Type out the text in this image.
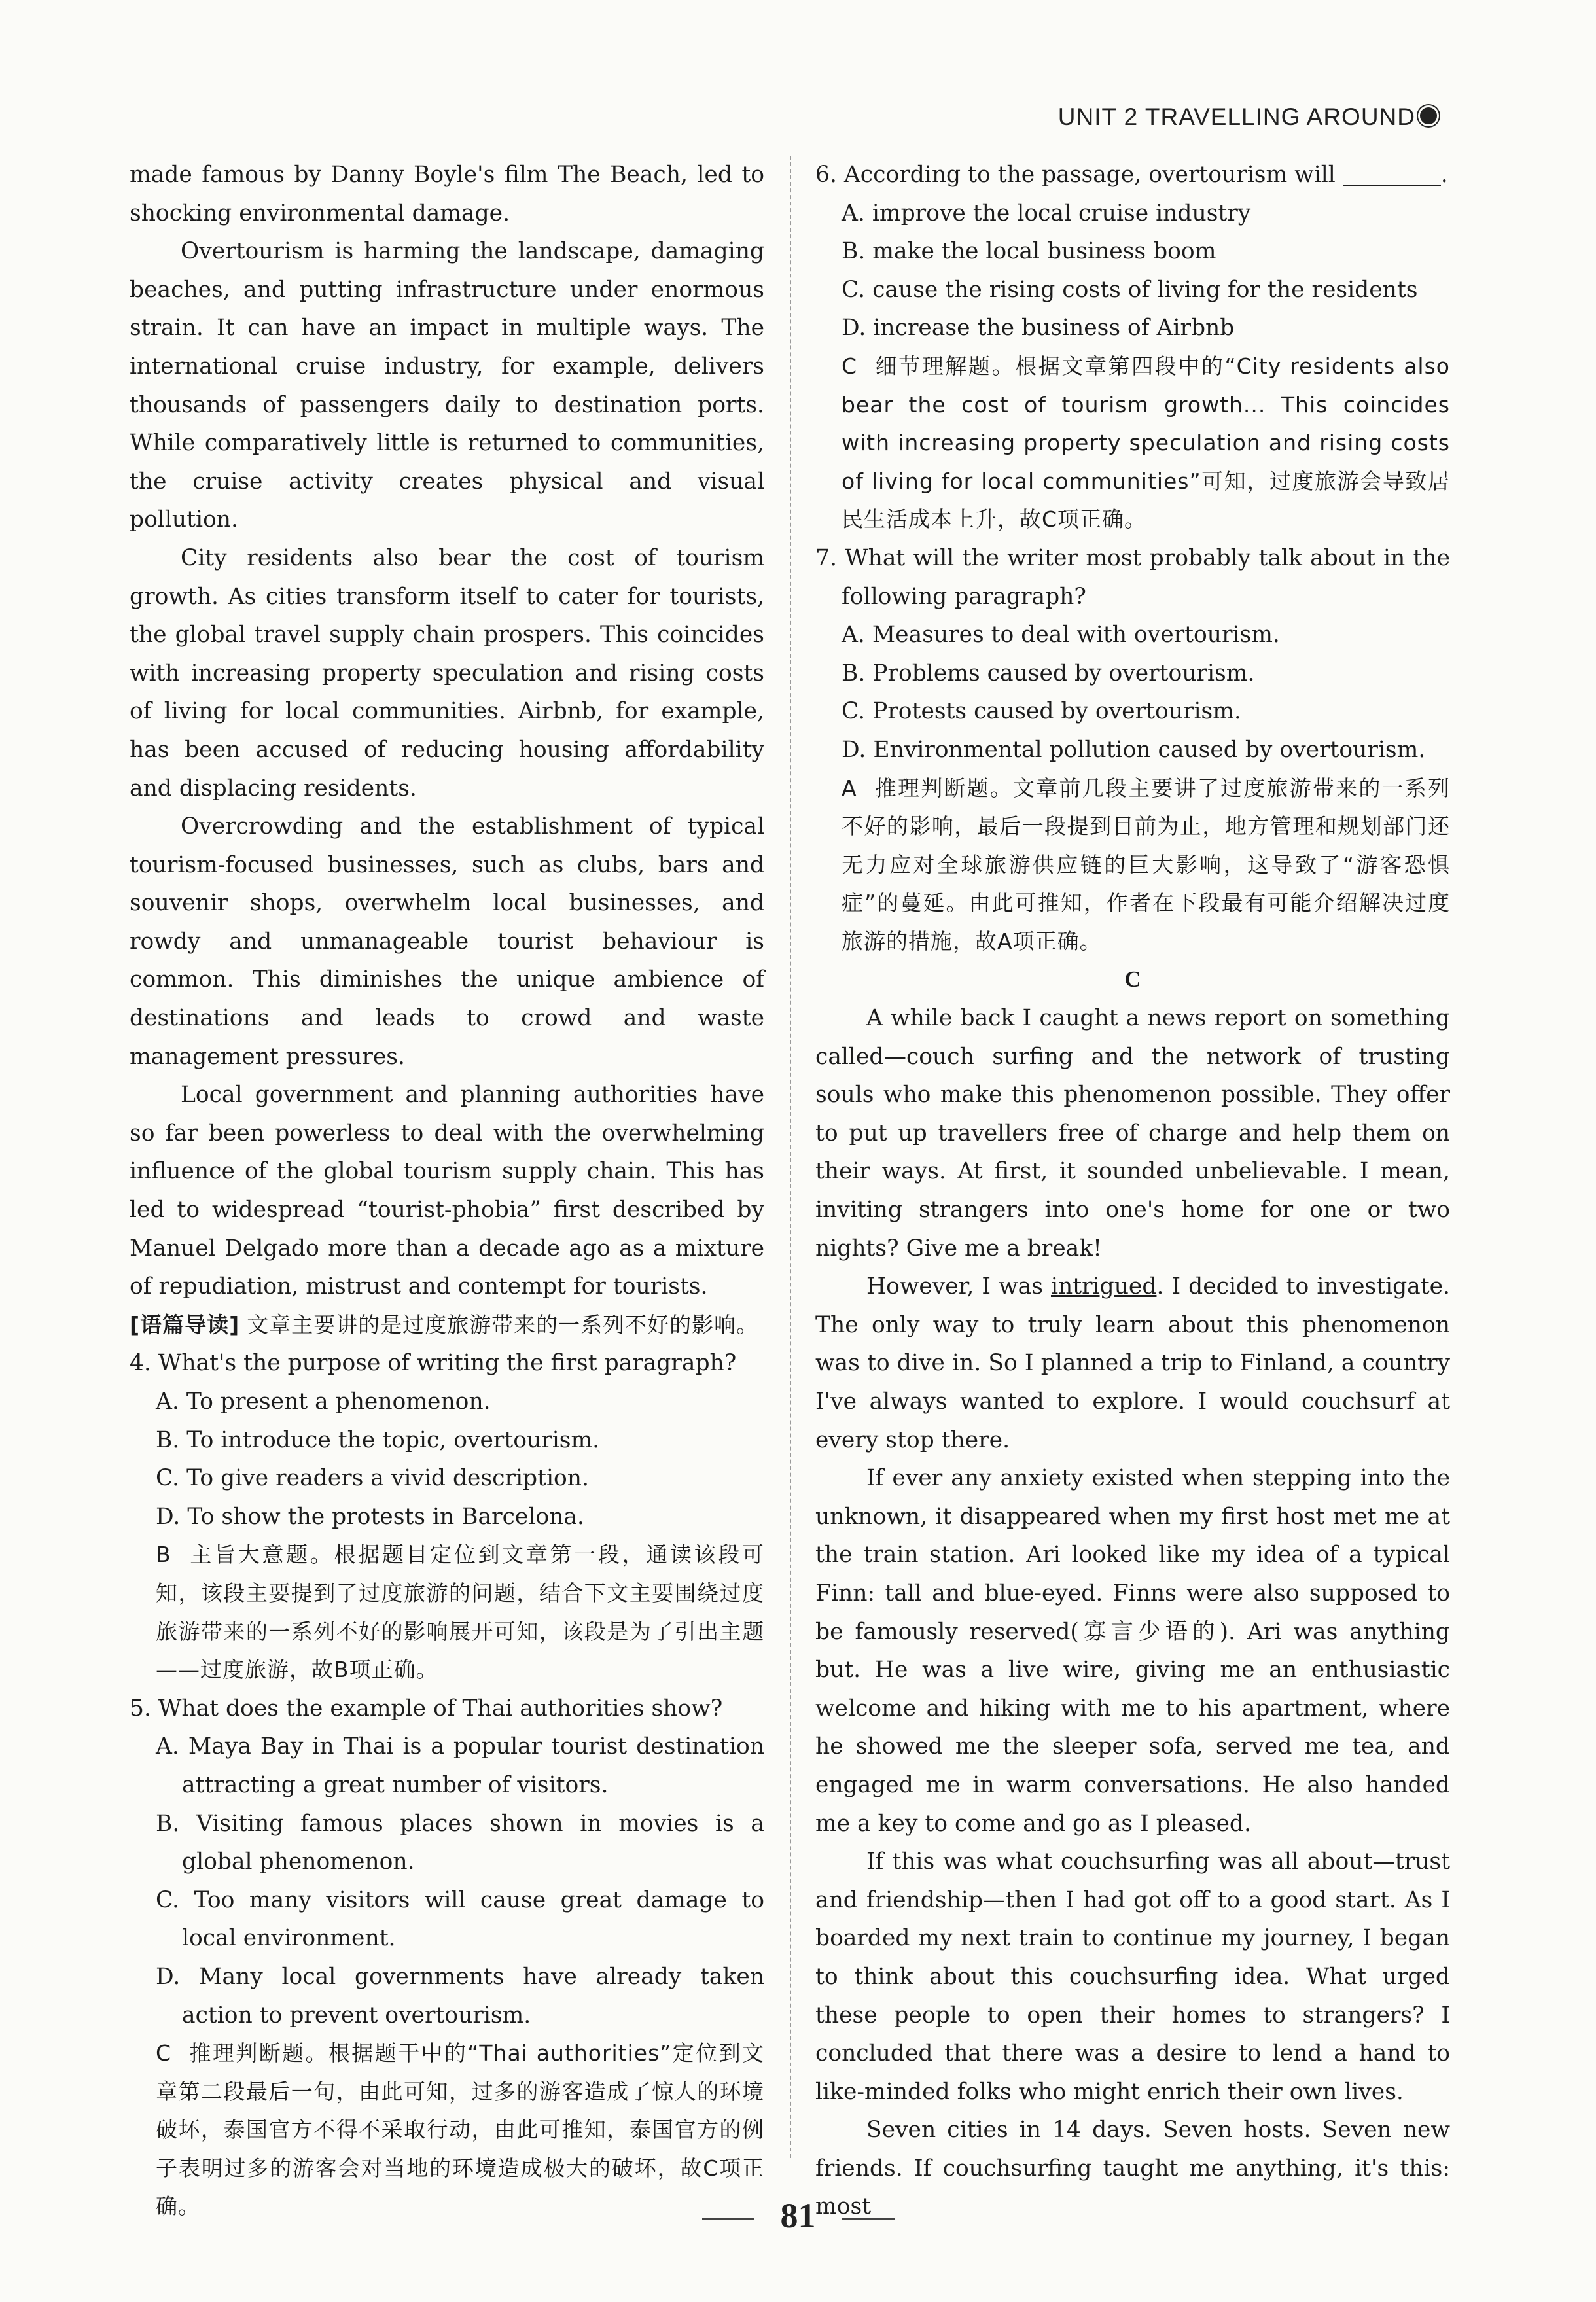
UNIT 2 TRAVELLING AROUND

made famous by Danny Boyle's film The Beach, led to shocking environmental damage.

Overtourism is harming the landscape, damaging beaches, and putting infrastructure under enormous strain. It can have an impact in multiple ways. The international cruise industry, for example, delivers thousands of passengers daily to destination ports. While comparatively little is returned to communities, the cruise activity creates physical and visual pollution.

City residents also bear the cost of tourism growth. As cities transform itself to cater for tourists, the global travel supply chain prospers. This coincides with increasing property speculation and rising costs of living for local communities. Airbnb, for example, has been accused of reducing housing affordability and displacing residents.

Overcrowding and the establishment of typical tourism-focused businesses, such as clubs, bars and souvenir shops, overwhelm local businesses, and rowdy and unmanageable tourist behaviour is common. This diminishes the unique ambience of destinations and leads to crowd and waste management pressures.

Local government and planning authorities have so far been powerless to deal with the overwhelming influence of the global tourism supply chain. This has led to widespread “tourist-phobia” first described by Manuel Delgado more than a decade ago as a mixture of repudiation, mistrust and contempt for tourists.

[语篇导读] 文章主要讲的是过度旅游带来的一系列不好的影响。

4. What's the purpose of writing the first paragraph?

A. To present a phenomenon.

B. To introduce the topic, overtourism.

C. To give readers a vivid description.

D. To show the protests in Barcelona.

B 主旨大意题。根据题目定位到文章第一段，通读该段可知，该段主要提到了过度旅游的问题，结合下文主要围绕过度旅游带来的一系列不好的影响展开可知，该段是为了引出主题——过度旅游，故B项正确。

5. What does the example of Thai authorities show?

A. Maya Bay in Thai is a popular tourist destination attracting a great number of visitors.

B. Visiting famous places shown in movies is a global phenomenon.

C. Too many visitors will cause great damage to local environment.

D. Many local governments have already taken action to prevent overtourism.

C 推理判断题。根据题干中的“Thai authorities”定位到文章第二段最后一句，由此可知，过多的游客造成了惊人的环境破坏，泰国官方不得不采取行动，由此可推知，泰国官方的例子表明过多的游客会对当地的环境造成极大的破坏，故C项正确。

6. According to the passage, overtourism will	.

A. improve the local cruise industry

B. make the local business boom

C. cause the rising costs of living for the residents

D. increase the business of Airbnb

C 细节理解题。根据文章第四段中的“City residents also bear the cost of tourism growth... This coincides with increasing property speculation and rising costs of living for local communities”可知，过度旅游会导致居民生活成本上升，故C项正确。

7. What will the writer most probably talk about in the following paragraph?

A. Measures to deal with overtourism.

B. Problems caused by overtourism.

C. Protests caused by overtourism.

D. Environmental pollution caused by overtourism.

A 推理判断题。文章前几段主要讲了过度旅游带来的一系列不好的影响，最后一段提到目前为止，地方管理和规划部门还无力应对全球旅游供应链的巨大影响，这导致了“游客恐惧症”的蔓延。由此可推知，作者在下段最有可能介绍解决过度旅游的措施，故A项正确。

C

A while back I caught a news report on something called—couch surfing and the network of trusting souls who make this phenomenon possible. They offer to put up travellers free of charge and help them on their ways. At first, it sounded unbelievable. I mean, inviting strangers into one's home for one or two nights? Give me a break!

However, I was intrigued. I decided to investigate. The only way to truly learn about this phenomenon was to dive in. So I planned a trip to Finland, a country I've always wanted to explore. I would couchsurf at every stop there.

If ever any anxiety existed when stepping into the unknown, it disappeared when my first host met me at the train station. Ari looked like my idea of a typical Finn: tall and blue-eyed. Finns were also supposed to be famously reserved(寡言少语的). Ari was anything but. He was a live wire, giving me an enthusiastic welcome and hiking with me to his apartment, where he showed me the sleeper sofa, served me tea, and engaged me in warm conversations. He also handed me a key to come and go as I pleased.

If this was what couchsurfing was all about—trust and friendship—then I had got off to a good start. As I boarded my next train to continue my journey, I began to think about this couchsurfing idea. What urged these people to open their homes to strangers? I concluded that there was a desire to lend a hand to like-minded folks who might enrich their own lives.

Seven cities in 14 days. Seven hosts. Seven new friends. If couchsurfing taught me anything, it's this: most

81
